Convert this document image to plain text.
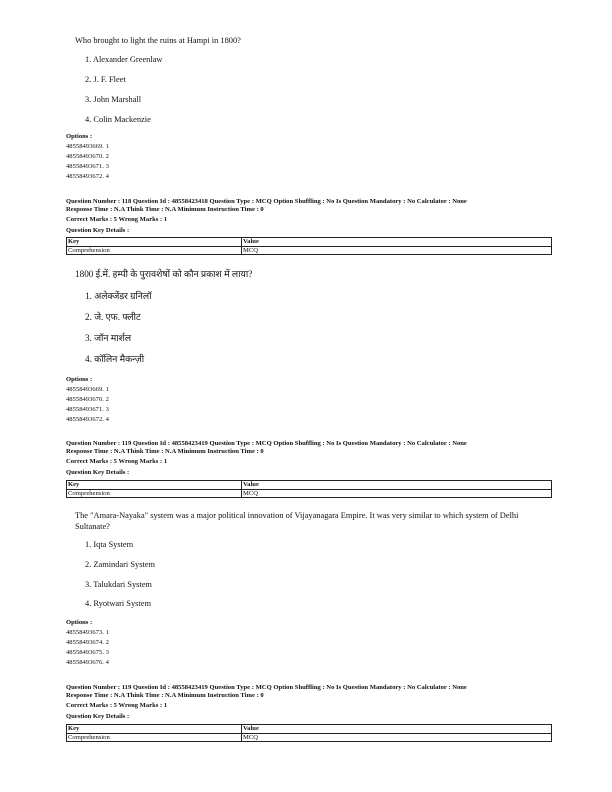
Who brought to light the ruins at Hampi in 1800?
1. Alexander Greenlaw
2. J. F. Fleet
3. John Marshall
4. Colin Mackenzie
Options :
48558493669. 1
48558493670. 2
48558493671. 3
48558493672. 4
Question Number : 118 Question Id : 48558423418 Question Type : MCQ Option Shuffling : No Is Question Mandatory : No Calculator : None
Response Time : N.A Think Time : N.A Minimum Instruction Time : 0
Correct Marks : 5 Wrong Marks : 1
Question Key Details :
Key	Value
Comprehension	MCQ
1800 ई.में. हम्पी के पुरावशेषों को कौन प्रकाश में लाया?
1. अलेक्जेंडर ग्रनिलॉ
2. जे. एफ. फ्लीट
3. जॉन मार्शल
4. कॉलिन मैकन्ज़ी
Options :
48558493669. 1
48558493670. 2
48558493671. 3
48558493672. 4
Question Number : 119 Question Id : 48558423419 Question Type : MCQ Option Shuffling : No Is Question Mandatory : No Calculator : None
Response Time : N.A Think Time : N.A Minimum Instruction Time : 0
Correct Marks : 5 Wrong Marks : 1
Question Key Details :
Key	Value
Comprehension	MCQ
The "Amara-Nayaka" system was a major political innovation of Vijayanagara Empire. It was very similar to which system of Delhi
Sultanate?
1. Iqta System
2. Zamindari System
3. Talukdari System
4. Ryotwari System
Options :
48558493673. 1
48558493674. 2
48558493675. 3
48558493676. 4
Question Number : 119 Question Id : 48558423419 Question Type : MCQ Option Shuffling : No Is Question Mandatory : No Calculator : None
Response Time : N.A Think Time : N.A Minimum Instruction Time : 0
Correct Marks : 5 Wrong Marks : 1
Question Key Details :
Key	Value
Comprehension	MCQ
